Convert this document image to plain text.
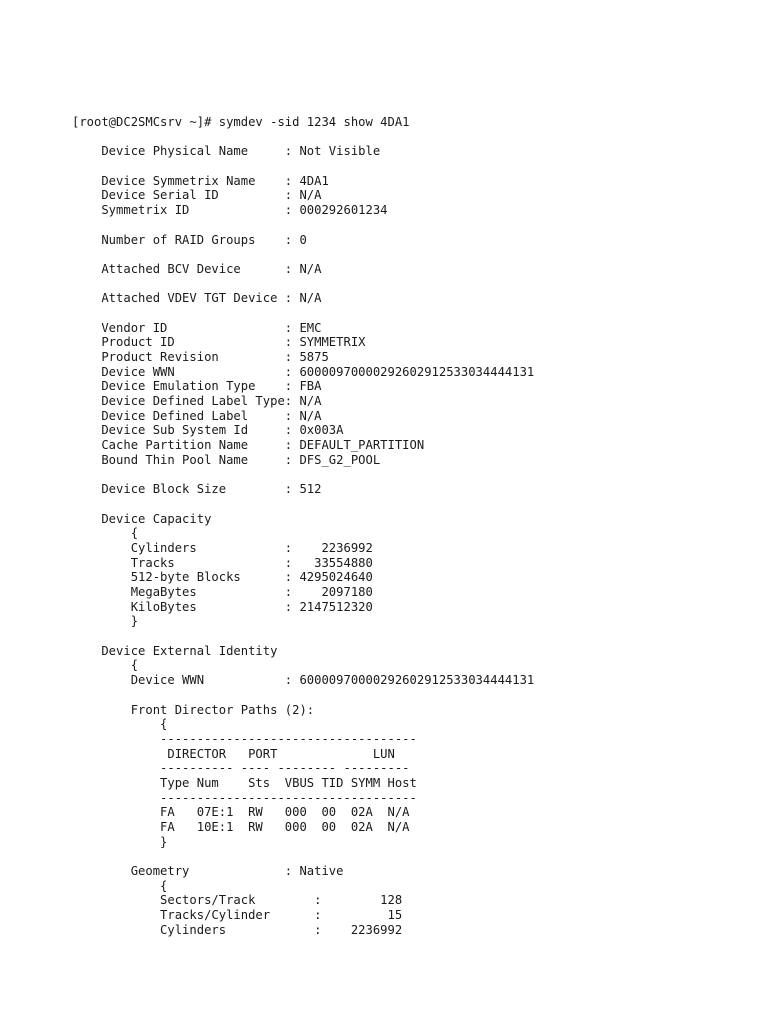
[root@DC2SMCsrv ~]# symdev -sid 1234 show 4DA1
Device Physical Name     : Not Visible
Device Symmetrix Name    : 4DA1
Device Serial ID         : N/A
Symmetrix ID             : 000292601234
Number of RAID Groups    : 0
Attached BCV Device      : N/A
Attached VDEV TGT Device : N/A
Vendor ID                : EMC
Product ID               : SYMMETRIX
Product Revision         : 5875
Device WWN               : 60000970000292602912533034444131
Device Emulation Type    : FBA
Device Defined Label Type: N/A
Device Defined Label     : N/A
Device Sub System Id     : 0x003A
Cache Partition Name     : DEFAULT_PARTITION
Bound Thin Pool Name     : DFS_G2_POOL
Device Block Size        : 512
Device Capacity
{
Cylinders            :    2236992
Tracks               :   33554880
512-byte Blocks      : 4295024640
MegaBytes            :    2097180
KiloBytes            : 2147512320
}
Device External Identity
{
Device WWN           : 60000970000292602912533034444131
Front Director Paths (2):
{
-----------------------------------
DIRECTOR   PORT             LUN
---------- ---- -------- ---------
Type Num    Sts  VBUS TID SYMM Host
-----------------------------------
FA   07E:1  RW   000  00  02A  N/A
FA   10E:1  RW   000  00  02A  N/A
}
Geometry             : Native
{
Sectors/Track        :        128
Tracks/Cylinder      :         15
Cylinders            :    2236992
